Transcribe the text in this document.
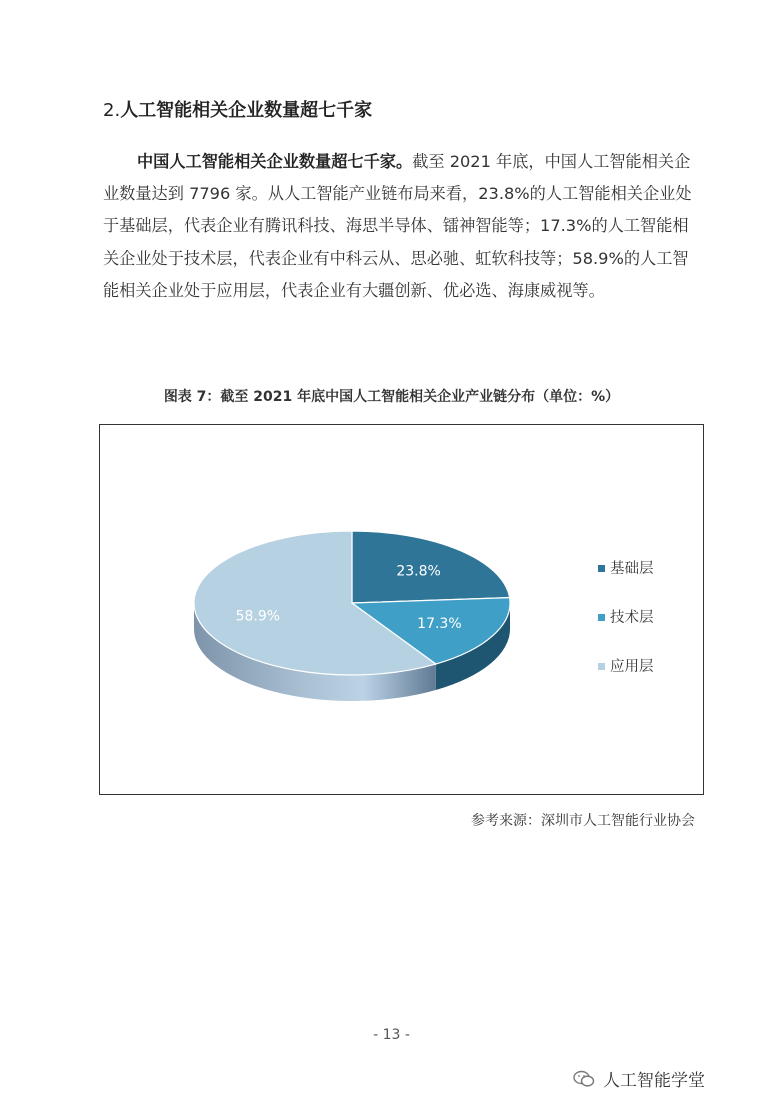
2.人工智能相关企业数量超七千家
中国人工智能相关企业数量超七千家。截至 2021 年底，中国人工智能相关企业数量达到 7796 家。从人工智能产业链布局来看，23.8%的人工智能相关企业处于基础层，代表企业有腾讯科技、海思半导体、镭神智能等；17.3%的人工智能相关企业处于技术层，代表企业有中科云从、思必驰、虹软科技等；58.9%的人工智能相关企业处于应用层，代表企业有大疆创新、优必选、海康威视等。
图表 7：截至 2021 年底中国人工智能相关企业产业链分布（单位：%）
23.8%
17.3%
58.9%
基础层
技术层
应用层
参考来源：深圳市人工智能行业协会
- 13 -
人工智能学堂
